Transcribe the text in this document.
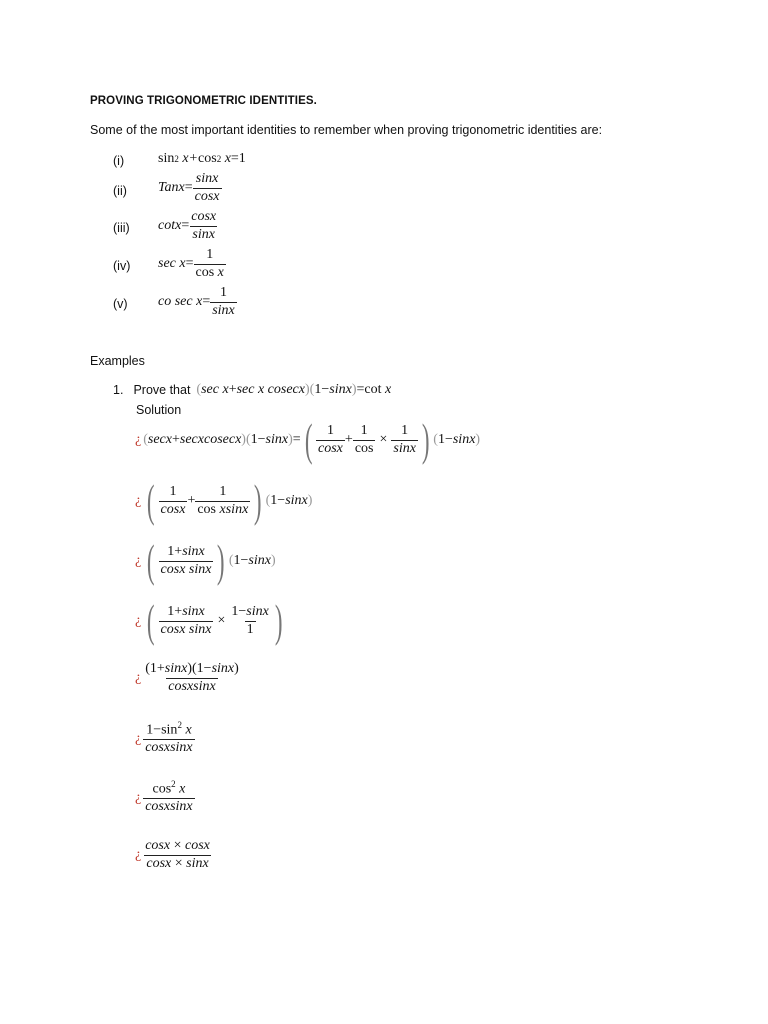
PROVING TRIGONOMETRIC IDENTITIES.
Some of the most important identities to remember when proving trigonometric identities are:
(i) sin 2 x+ cos 2 x =1
(ii) Tanx = $\frac{\sin x}{\cos x}$
(iii) $\cot x = \frac{\cos x}{\sin x}$
(iv) $\sec x = \frac{1}{\text{cos x}}$
(v) co $\sec x = \frac{1}{\sin x}$
Examples
1. Prove that ( sec x + sec x cosecx ) ( 1− sinx ) =cot x
Solution
¿ ( secx + secxcosecx ) ( 1− sinx ) = ( $\frac{1}{\cos x} + \frac{1}{\cos} \times \frac{1}{\sin x}$ ) ( 1− sinx )
¿ ( $\frac{1}{\cos x} + \frac{1}{\text{cos xsinx}}$ ) ( 1− sinx )
¿ ( $\frac{1+\sin x}{\text{cosx sinx}}$ ) ( 1− sinx )
¿ ( $\frac{1+\sin x}{\text{cosx sinx}} \times \frac{1-\sin x}{1}$ )
¿ $\frac{(1+\sin x)(1-\sin x)}{\text{cosxsinx}}$
¿ $\frac{1-\sin^2 x}{\text{cosxsinx}}$
¿ $\frac{\cos^2 x}{\text{cosxsinx}}$
¿ $\frac{\cos x \times \cos x}{\cos x \times \sin x}$
